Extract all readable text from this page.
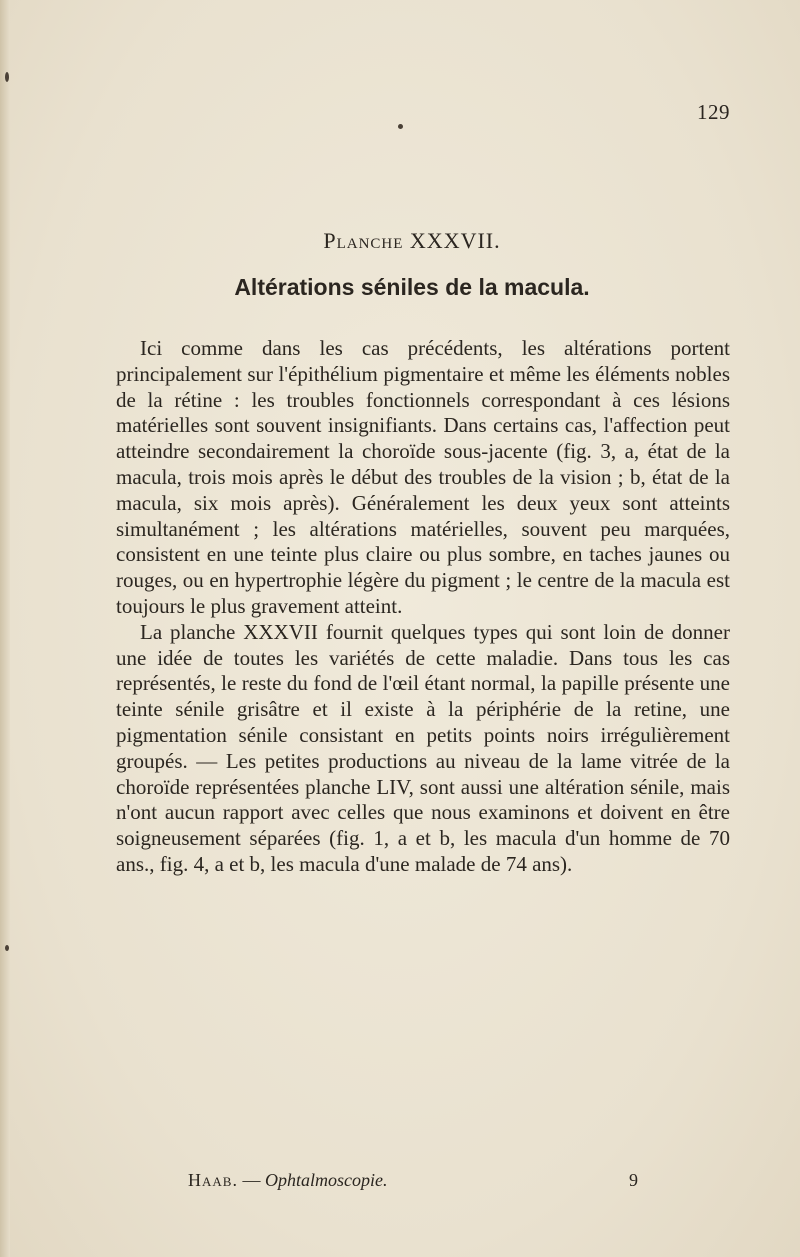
129
Planche XXXVII.
Altérations séniles de la macula.

Ici comme dans les cas précédents, les altérations portent principalement sur l'épithélium pigmentaire et même les éléments nobles de la rétine : les troubles fonctionnels correspondant à ces lésions matérielles sont souvent insignifiants. Dans certains cas, l'affection peut atteindre secondairement la choroïde sous-jacente (fig. 3, a, état de la macula, trois mois après le début des troubles de la vision ; b, état de la macula, six mois après). Généralement les deux yeux sont atteints simultanément ; les altérations matérielles, souvent peu marquées, consistent en une teinte plus claire ou plus sombre, en taches jaunes ou rouges, ou en hypertrophie légère du pigment ; le centre de la macula est toujours le plus gravement atteint.

La planche XXXVII fournit quelques types qui sont loin de donner une idée de toutes les variétés de cette maladie. Dans tous les cas représentés, le reste du fond de l'œil étant normal, la papille présente une teinte sénile grisâtre et il existe à la périphérie de la retine, une pigmentation sénile consistant en petits points noirs irrégulièrement groupés. — Les petites productions au niveau de la lame vitrée de la choroïde représentées planche LIV, sont aussi une altération sénile, mais n'ont aucun rapport avec celles que nous examinons et doivent en être soigneusement séparées (fig. 1, a et b, les macula d'un homme de 70 ans., fig. 4, a et b, les macula d'une malade de 74 ans).

Haab. — Ophtalmoscopie.	9
